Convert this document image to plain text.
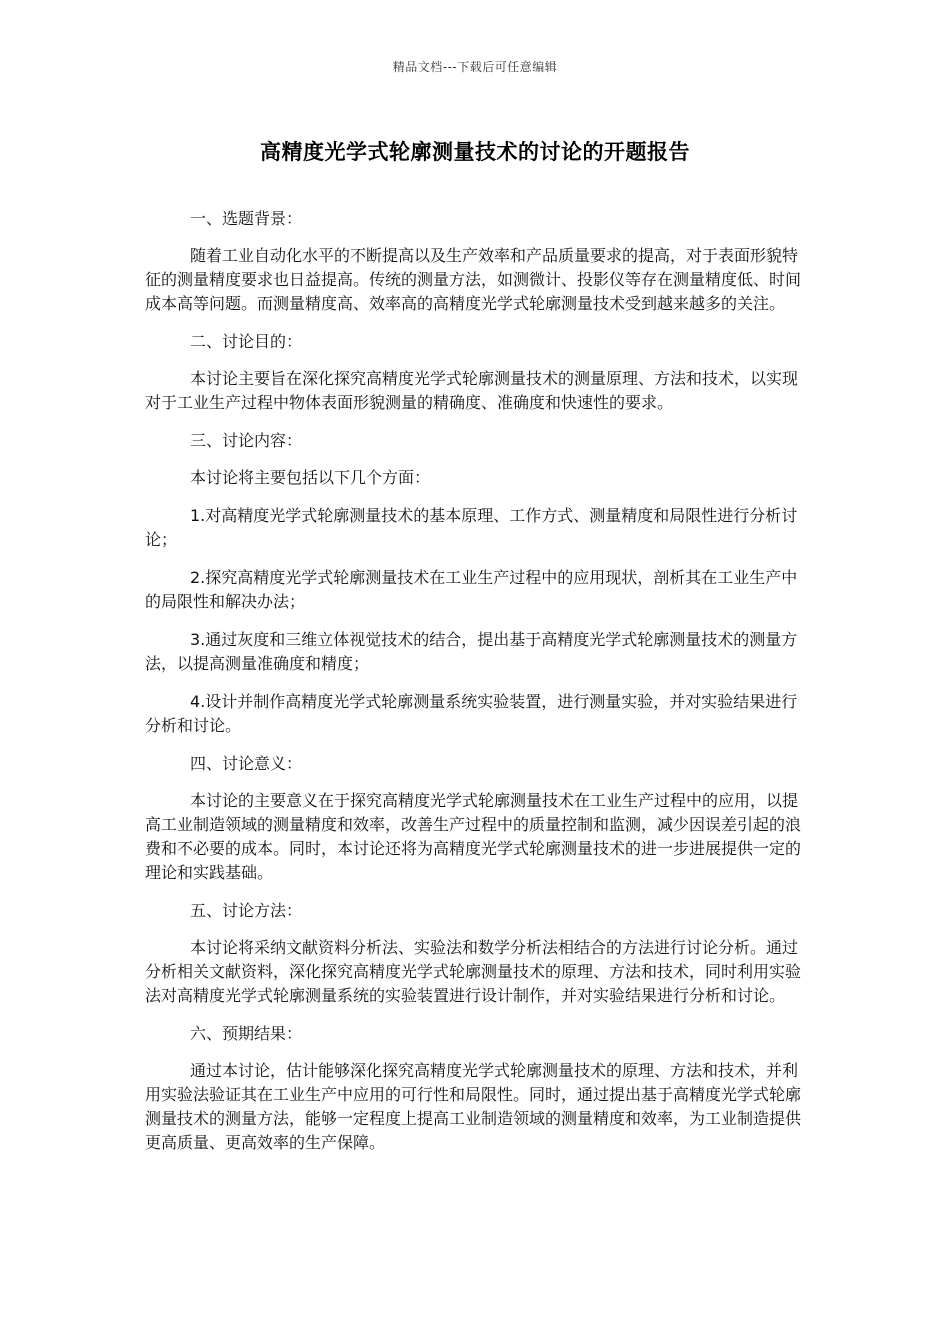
精品文档---下载后可任意编辑
高精度光学式轮廓测量技术的讨论的开题报告

一、选题背景：

随着工业自动化水平的不断提高以及生产效率和产品质量要求的提高，对于表面形貌特征的测量精度要求也日益提高。传统的测量方法，如测微计、投影仪等存在测量精度低、时间成本高等问题。而测量精度高、效率高的高精度光学式轮廓测量技术受到越来越多的关注。

二、讨论目的：

本讨论主要旨在深化探究高精度光学式轮廓测量技术的测量原理、方法和技术，以实现对于工业生产过程中物体表面形貌测量的精确度、准确度和快速性的要求。

三、讨论内容：

本讨论将主要包括以下几个方面：

1.对高精度光学式轮廓测量技术的基本原理、工作方式、测量精度和局限性进行分析讨论；

2.探究高精度光学式轮廓测量技术在工业生产过程中的应用现状，剖析其在工业生产中的局限性和解决办法；

3.通过灰度和三维立体视觉技术的结合，提出基于高精度光学式轮廓测量技术的测量方法，以提高测量准确度和精度；

4.设计并制作高精度光学式轮廓测量系统实验装置，进行测量实验，并对实验结果进行分析和讨论。

四、讨论意义：

本讨论的主要意义在于探究高精度光学式轮廓测量技术在工业生产过程中的应用，以提高工业制造领域的测量精度和效率，改善生产过程中的质量控制和监测，减少因误差引起的浪费和不必要的成本。同时，本讨论还将为高精度光学式轮廓测量技术的进一步进展提供一定的理论和实践基础。

五、讨论方法：

本讨论将采纳文献资料分析法、实验法和数学分析法相结合的方法进行讨论分析。通过分析相关文献资料，深化探究高精度光学式轮廓测量技术的原理、方法和技术，同时利用实验法对高精度光学式轮廓测量系统的实验装置进行设计制作，并对实验结果进行分析和讨论。

六、预期结果：

通过本讨论，估计能够深化探究高精度光学式轮廓测量技术的原理、方法和技术，并利用实验法验证其在工业生产中应用的可行性和局限性。同时，通过提出基于高精度光学式轮廓测量技术的测量方法，能够一定程度上提高工业制造领域的测量精度和效率，为工业制造提供更高质量、更高效率的生产保障。
